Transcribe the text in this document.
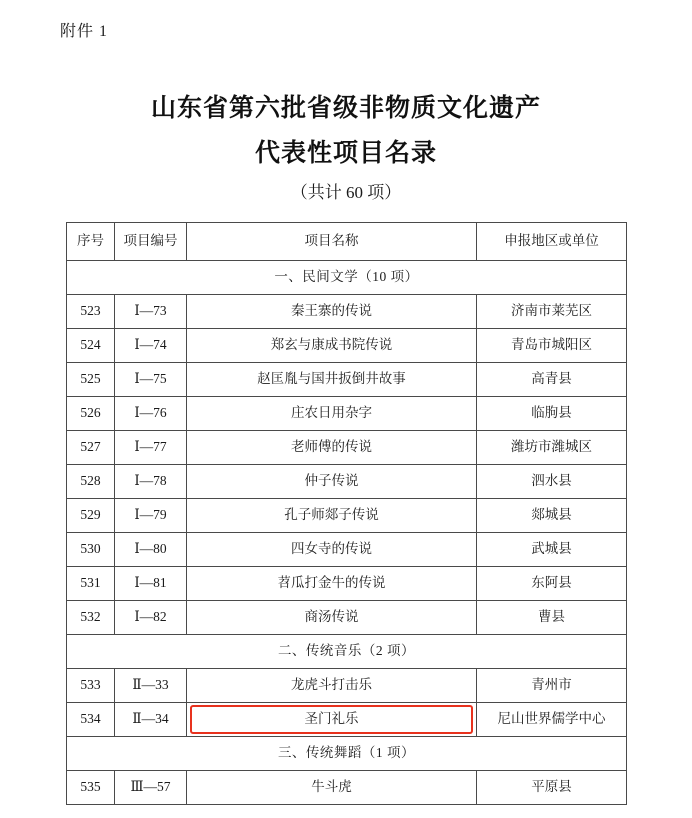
附件 1
山东省第六批省级非物质文化遗产
代表性项目名录
（共计 60 项）
序号	项目编号	项目名称	申报地区或单位
一、民间文学（10 项）			
523	Ⅰ—73	秦王寨的传说	济南市莱芜区
524	Ⅰ—74	郑玄与康成书院传说	青岛市城阳区
525	Ⅰ—75	赵匡胤与国井扳倒井故事	高青县
526	Ⅰ—76	庄农日用杂字	临朐县
527	Ⅰ—77	老师傅的传说	潍坊市潍城区
528	Ⅰ—78	仲子传说	泗水县
529	Ⅰ—79	孔子师郯子传说	郯城县
530	Ⅰ—80	四女寺的传说	武城县
531	Ⅰ—81	苕瓜打金牛的传说	东阿县
532	Ⅰ—82	商汤传说	曹县
二、传统音乐（2 项）			
533	Ⅱ—33	龙虎斗打击乐	青州市
534	Ⅱ—34	圣门礼乐	尼山世界儒学中心
三、传统舞蹈（1 项）			
535	Ⅲ—57	牛斗虎	平原县
